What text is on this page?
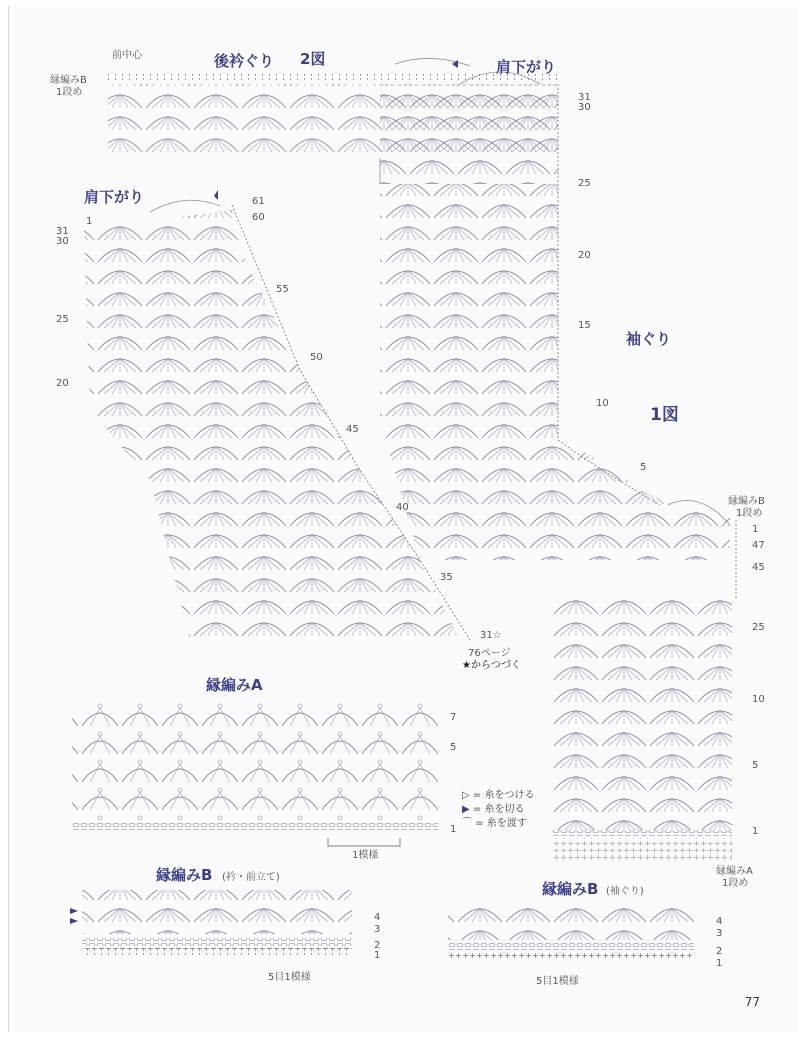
前中心	後衿ぐり 2図	肩下がり
縁編みB
1段め
肩下がり
袖ぐり
1図
縁編みB
1段め
31☆
76ページ
★からつづく
縁編みA
1模様
▷ = 糸をつける
▶ = 糸を切る
⌒ = 糸を渡す
縁編みB (衿・前立て)
5目1模様
縁編みB (袖ぐり)
5目1模様
縁編みA
1段め
31
30
25
20
15
10
5
61
60
1
31
30
25
20
55
50
45
40
35
1
47
45
25
10
5
1
7
5
1
4
3
2
1
4
3
2
1
77
